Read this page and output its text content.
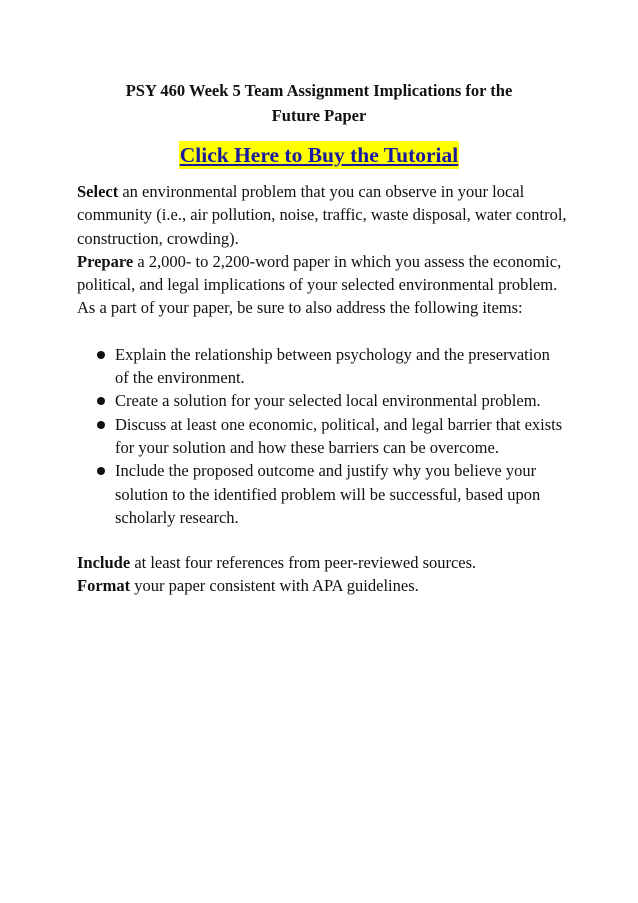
PSY 460 Week 5 Team Assignment Implications for the
Future Paper
Click Here to Buy the Tutorial

Select an environmental problem that you can observe in your local community (i.e., air pollution, noise, traffic, waste disposal, water control, construction, crowding).

Prepare a 2,000- to 2,200-word paper in which you assess the economic, political, and legal implications of your selected environmental problem. As a part of your paper, be sure to also address the following items:

Explain the relationship between psychology and the preservation of the environment.
Create a solution for your selected local environmental problem.
Discuss at least one economic, political, and legal barrier that exists for your solution and how these barriers can be overcome.
Include the proposed outcome and justify why you believe your solution to the identified problem will be successful, based upon scholarly research.

Include at least four references from peer-reviewed sources.

Format your paper consistent with APA guidelines.
